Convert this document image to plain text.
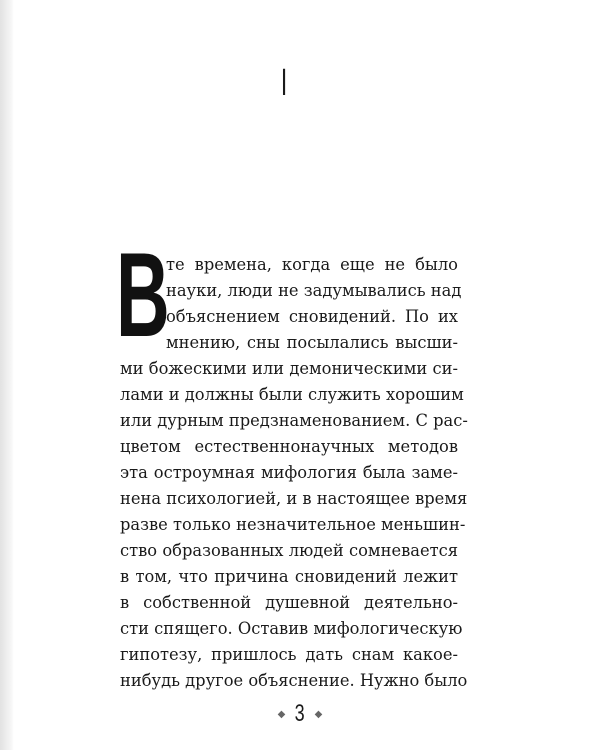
I
В
те времена, когда еще не было
науки, люди не задумывались над
объяснением сновидений. По их
мнению, сны посылались высши-
ми божескими или демоническими си-
лами и должны были служить хорошим
или дурным предзнаменованием. С рас-
цветом естественнонаучных методов
эта остроумная мифология была заме-
нена психологией, и в настоящее время
разве только незначительное меньшин-
ство образованных людей сомневается
в том, что причина сновидений лежит
в собственной душевной деятельно-
сти спящего. Оставив мифологическую
гипотезу, пришлось дать снам какое-
нибудь другое объяснение. Нужно было
◆ 3 ◆
